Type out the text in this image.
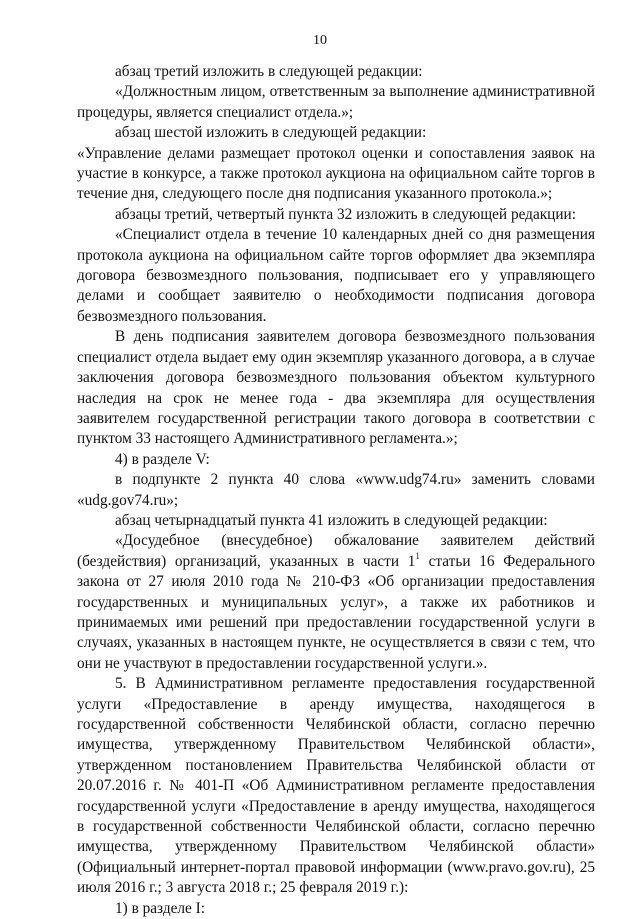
10

абзац третий изложить в следующей редакции:

«Должностным лицом, ответственным за выполнение административной процедуры, является специалист отдела.»;

абзац шестой изложить в следующей редакции:

«Управление делами размещает протокол оценки и сопоставления заявок на участие в конкурсе, а также протокол аукциона на официальном сайте торгов в течение дня, следующего после дня подписания указанного протокола.»;

абзацы третий, четвертый пункта 32 изложить в следующей редакции:

«Специалист отдела в течение 10 календарных дней со дня размещения протокола аукциона на официальном сайте торгов оформляет два экземпляра договора безвозмездного пользования, подписывает его у управляющего делами и сообщает заявителю о необходимости подписания договора безвозмездного пользования.

В день подписания заявителем договора безвозмездного пользования специалист отдела выдает ему один экземпляр указанного договора, а в случае заключения договора безвозмездного пользования объектом культурного наследия на срок не менее года - два экземпляра для осуществления заявителем государственной регистрации такого договора в соответствии с пунктом 33 настоящего Административного регламента.»;

4) в разделе V:

в подпункте 2 пункта 40 слова «www.udg74.ru» заменить словами «udg.gov74.ru»;

абзац четырнадцатый пункта 41 изложить в следующей редакции:

«Досудебное (внесудебное) обжалование заявителем действий (бездействия) организаций, указанных в части $1^1$ статьи 16 Федерального закона от 27 июля 2010 года № 210-ФЗ «Об организации предоставления государственных и муниципальных услуг», а также их работников и принимаемых ими решений при предоставлении государственной услуги в случаях, указанных в настоящем пункте, не осуществляется в связи с тем, что они не участвуют в предоставлении государственной услуги.».

5. В Административном регламенте предоставления государственной услуги «Предоставление в аренду имущества, находящегося в государственной собственности Челябинской области, согласно перечню имущества, утвержденному Правительством Челябинской области», утвержденном постановлением Правительства Челябинской области от 20.07.2016 г. № 401-П «Об Административном регламенте предоставления государственной услуги «Предоставление в аренду имущества, находящегося в государственной собственности Челябинской области, согласно перечню имущества, утвержденному Правительством Челябинской области» (Официальный интернет-портал правовой информации (www.pravo.gov.ru), 25 июля 2016 г.; 3 августа 2018 г.; 25 февраля 2019 г.):

1) в разделе I:
